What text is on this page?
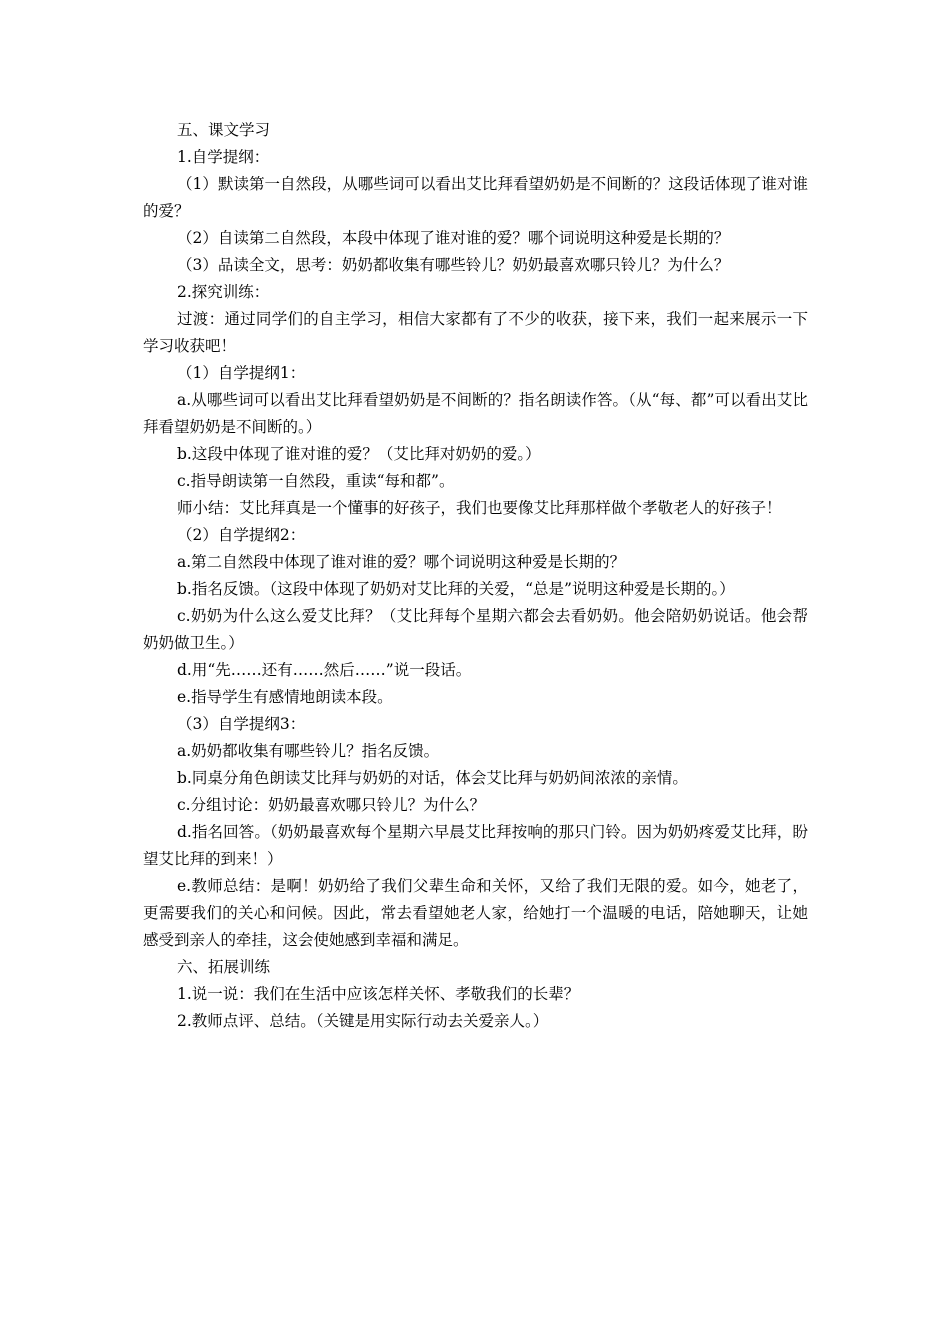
五、课文学习

1.自学提纲：

（1）默读第一自然段，从哪些词可以看出艾比拜看望奶奶是不间断的？这段话体现了谁对谁的爱？

（2）自读第二自然段，本段中体现了谁对谁的爱？哪个词说明这种爱是长期的？

（3）品读全文，思考：奶奶都收集有哪些铃儿？奶奶最喜欢哪只铃儿？为什么？

2.探究训练：

过渡：通过同学们的自主学习，相信大家都有了不少的收获，接下来，我们一起来展示一下学习收获吧！

（1）自学提纲1：

a.从哪些词可以看出艾比拜看望奶奶是不间断的？指名朗读作答。（从“每、都”可以看出艾比拜看望奶奶是不间断的。）

b.这段中体现了谁对谁的爱？（艾比拜对奶奶的爱。）

c.指导朗读第一自然段，重读“每和都”。

师小结：艾比拜真是一个懂事的好孩子，我们也要像艾比拜那样做个孝敬老人的好孩子！

（2）自学提纲2：

a.第二自然段中体现了谁对谁的爱？哪个词说明这种爱是长期的？

b.指名反馈。（这段中体现了奶奶对艾比拜的关爱，“总是”说明这种爱是长期的。）

c.奶奶为什么这么爱艾比拜？（艾比拜每个星期六都会去看奶奶。他会陪奶奶说话。他会帮奶奶做卫生。）

d.用“先……还有……然后……”说一段话。

e.指导学生有感情地朗读本段。

（3）自学提纲3：

a.奶奶都收集有哪些铃儿？指名反馈。

b.同桌分角色朗读艾比拜与奶奶的对话，体会艾比拜与奶奶间浓浓的亲情。

c.分组讨论：奶奶最喜欢哪只铃儿？为什么？

d.指名回答。（奶奶最喜欢每个星期六早晨艾比拜按响的那只门铃。因为奶奶疼爱艾比拜，盼望艾比拜的到来！）

e.教师总结：是啊！奶奶给了我们父辈生命和关怀，又给了我们无限的爱。如今，她老了，更需要我们的关心和问候。因此，常去看望她老人家，给她打一个温暖的电话，陪她聊天，让她感受到亲人的牵挂，这会使她感到幸福和满足。

六、拓展训练

1.说一说：我们在生活中应该怎样关怀、孝敬我们的长辈？

2.教师点评、总结。（关键是用实际行动去关爱亲人。）
